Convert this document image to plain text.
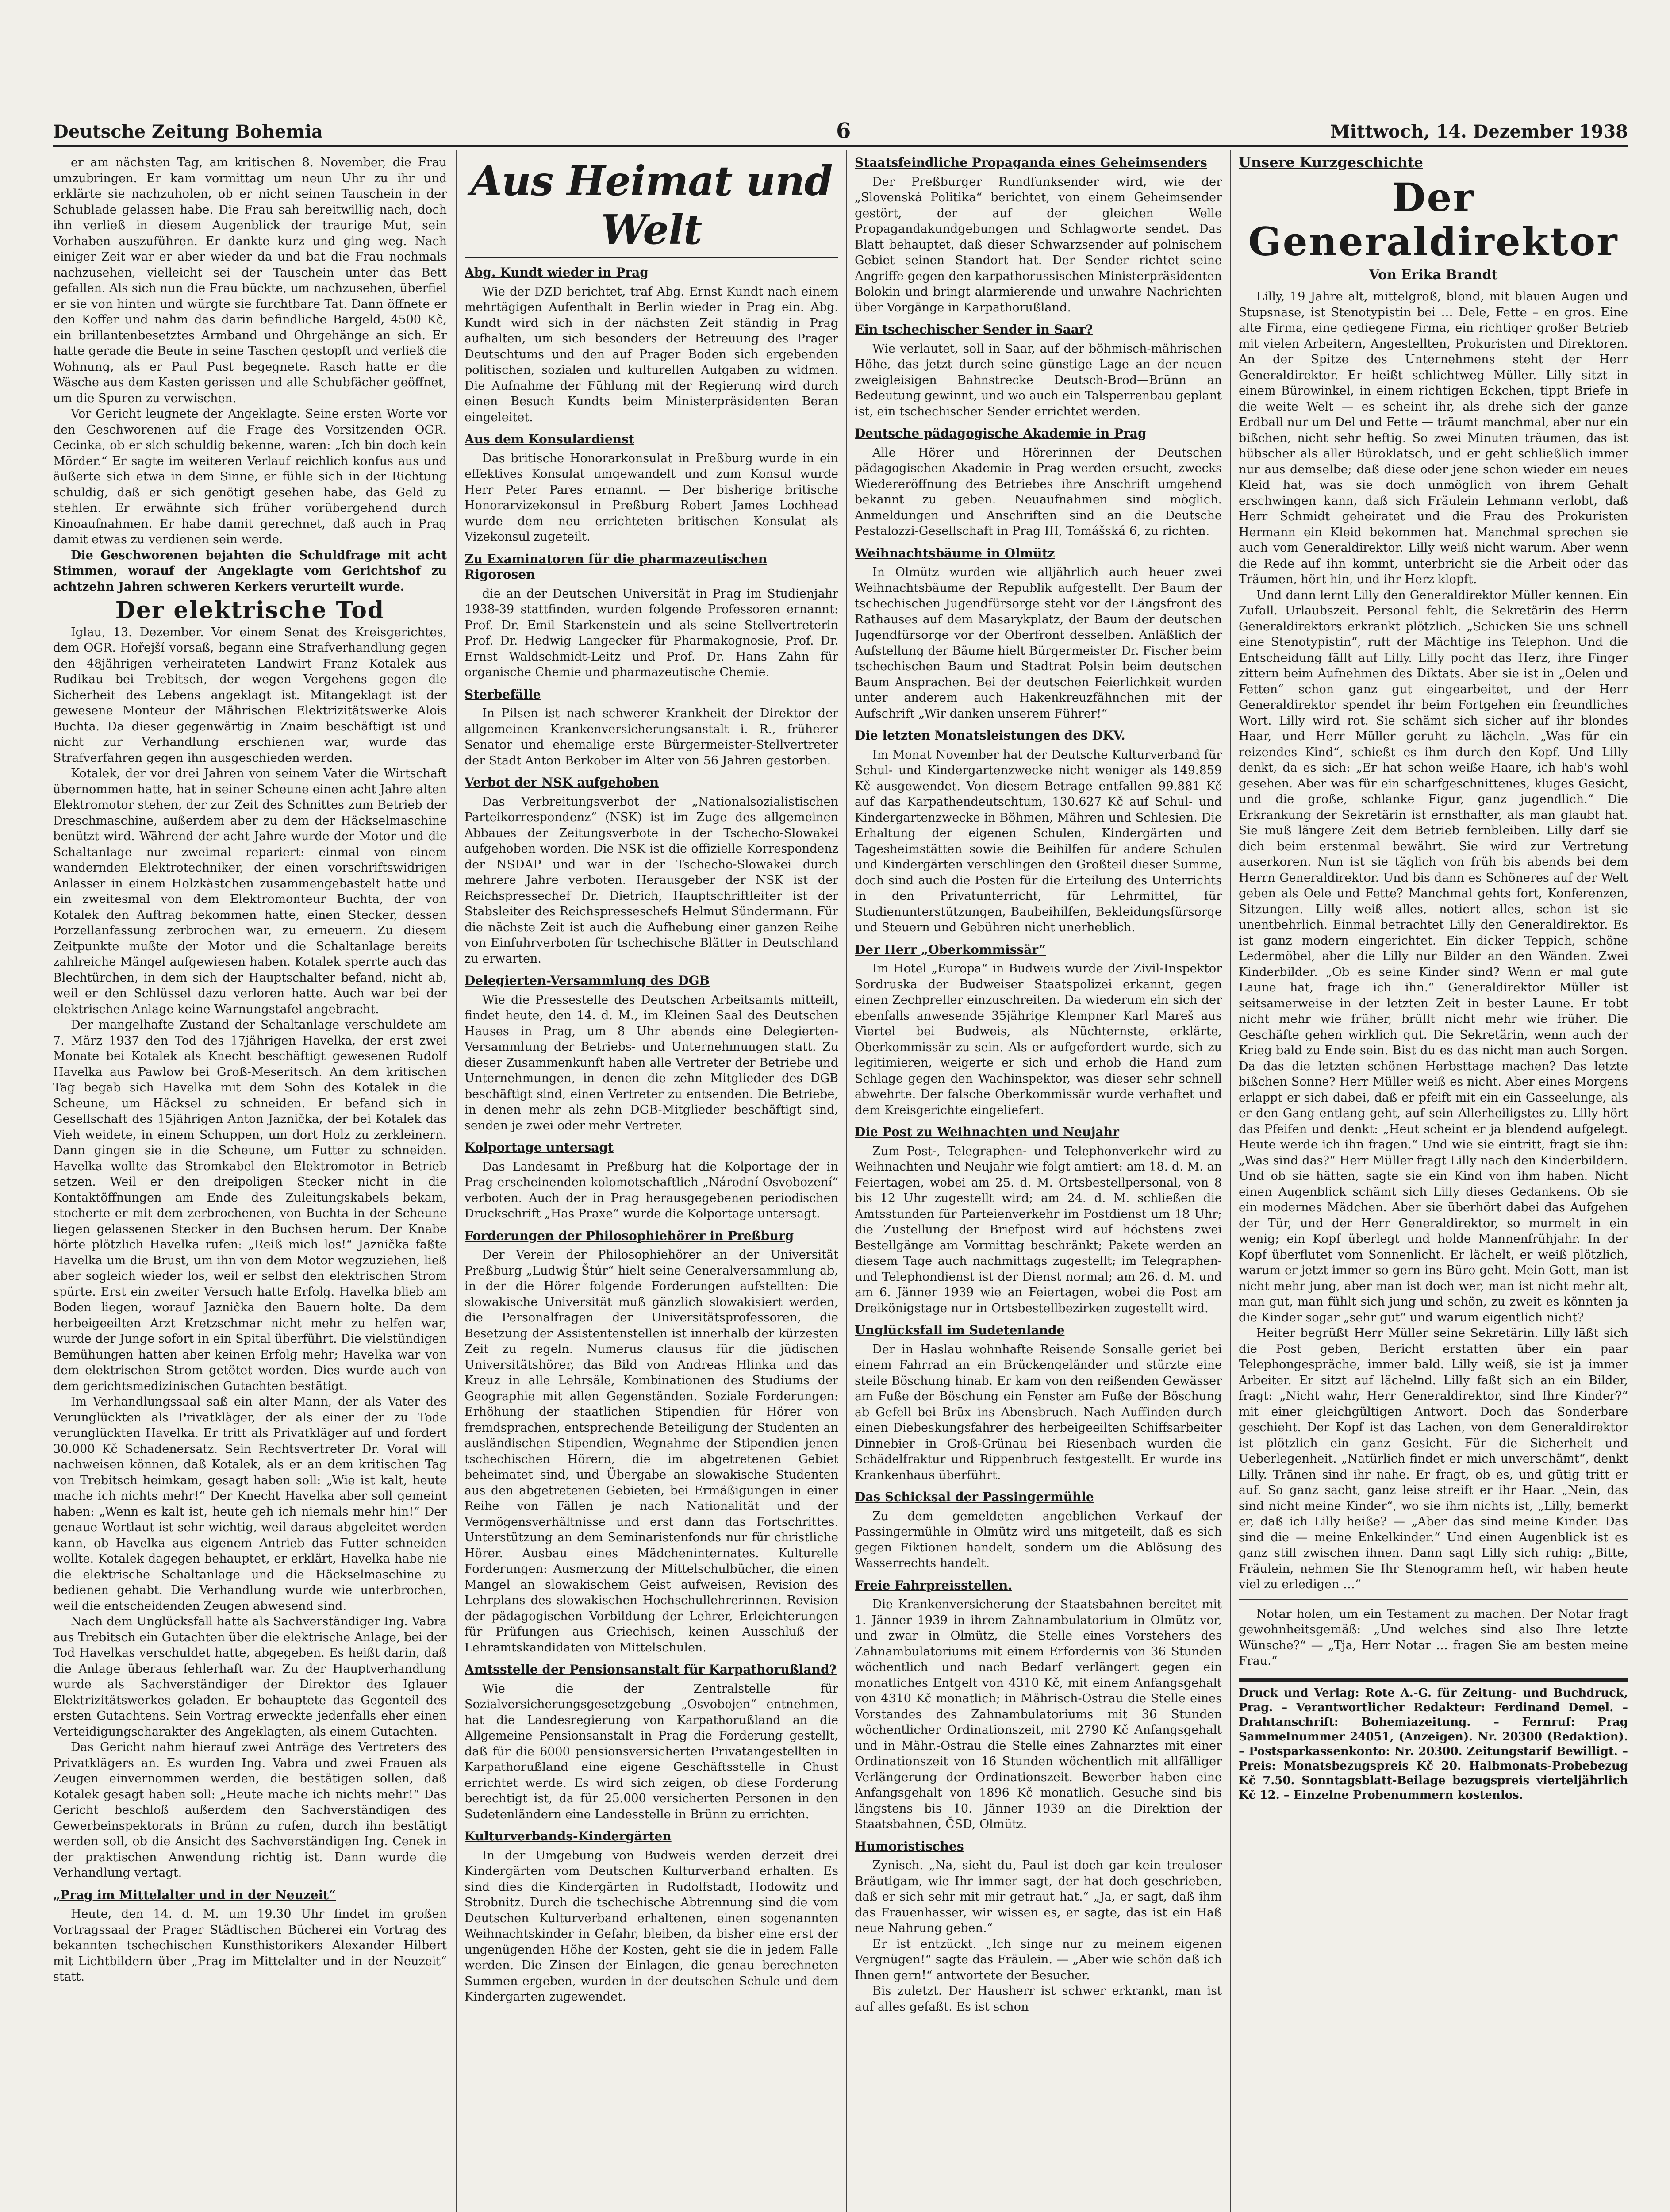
Deutsche Zeitung Bohemia	6	Mittwoch, 14. Dezember 1938

er am nächsten Tag, am kritischen 8. November, die Frau umzubringen. Er kam vormittag um neun Uhr zu ihr und erklärte sie nachzuholen, ob er nicht seinen Tauschein in der Schublade gelassen habe. Die Frau sah bereitwillig nach, doch ihn verließ in diesem Augenblick der traurige Mut, sein Vorhaben auszuführen. Er dankte kurz und ging weg. Nach einiger Zeit war er aber wieder da und bat die Frau nochmals nachzusehen, vielleicht sei der Tauschein unter das Bett gefallen. Als sich nun die Frau bückte, um nachzusehen, überfiel er sie von hinten und würgte sie furchtbare Tat. Dann öffnete er den Koffer und nahm das darin befindliche Bargeld, 4500 Kč, ein brillantenbesetztes Armband und Ohrgehänge an sich. Er hatte gerade die Beute in seine Taschen gestopft und verließ die Wohnung, als er Paul Pust begegnete. Rasch hatte er die Wäsche aus dem Kasten gerissen und alle Schubfächer geöffnet, um die Spuren zu verwischen.

Vor Gericht leugnete der Angeklagte. Seine ersten Worte vor den Geschworenen auf die Frage des Vorsitzenden OGR. Cecinka, ob er sich schuldig bekenne, waren: „Ich bin doch kein Mörder.“ Er sagte im weiteren Verlauf reichlich konfus aus und äußerte sich etwa in dem Sinne, er fühle sich in der Richtung schuldig, daß er sich genötigt gesehen habe, das Geld zu stehlen. Er erwähnte sich früher vorübergehend durch Kinoaufnahmen. Er habe damit gerechnet, daß auch in Prag damit etwas zu verdienen sein werde.

Die Geschworenen bejahten die Schuldfrage mit acht Stimmen, worauf der Angeklagte vom Gerichtshof zu achtzehn Jahren schweren Kerkers verurteilt wurde.

Der elektrische Tod

Iglau, 13. Dezember. Vor einem Senat des Kreisgerichtes, dem OGR. Hořejší vorsaß, begann eine Strafverhandlung gegen den 48jährigen verheirateten Landwirt Franz Kotalek aus Rudikau bei Trebitsch, der wegen Vergehens gegen die Sicherheit des Lebens angeklagt ist. Mitangeklagt ist der gewesene Monteur der Mährischen Elektrizitätswerke Alois Buchta. Da dieser gegenwärtig in Znaim beschäftigt ist und nicht zur Verhandlung erschienen war, wurde das Strafverfahren gegen ihn ausgeschieden werden.

Kotalek, der vor drei Jahren von seinem Vater die Wirtschaft übernommen hatte, hat in seiner Scheune einen acht Jahre alten Elektromotor stehen, der zur Zeit des Schnittes zum Betrieb der Dreschmaschine, außerdem aber zu dem der Häckselmaschine benützt wird. Während der acht Jahre wurde der Motor und die Schaltanlage nur zweimal repariert: einmal von einem wandernden Elektrotechniker, der einen vorschriftswidrigen Anlasser in einem Holzkästchen zusammengebastelt hatte und ein zweitesmal von dem Elektromonteur Buchta, der von Kotalek den Auftrag bekommen hatte, einen Stecker, dessen Porzellanfassung zerbrochen war, zu erneuern. Zu diesem Zeitpunkte mußte der Motor und die Schaltanlage bereits zahlreiche Mängel aufgewiesen haben. Kotalek sperrte auch das Blechtürchen, in dem sich der Hauptschalter befand, nicht ab, weil er den Schlüssel dazu verloren hatte. Auch war bei der elektrischen Anlage keine Warnungstafel angebracht.

Der mangelhafte Zustand der Schaltanlage verschuldete am 7. März 1937 den Tod des 17jährigen Havelka, der erst zwei Monate bei Kotalek als Knecht beschäftigt gewesenen Rudolf Havelka aus Pawlow bei Groß-Meseritsch. An dem kritischen Tag begab sich Havelka mit dem Sohn des Kotalek in die Scheune, um Häcksel zu schneiden. Er befand sich in Gesellschaft des 15jährigen Anton Jaznička, der bei Kotalek das Vieh weidete, in einem Schuppen, um dort Holz zu zerkleinern. Dann gingen sie in die Scheune, um Futter zu schneiden. Havelka wollte das Stromkabel den Elektromotor in Betrieb setzen. Weil er den dreipoligen Stecker nicht in die Kontaktöffnungen am Ende des Zuleitungskabels bekam, stocherte er mit dem zerbrochenen, von Buchta in der Scheune liegen gelassenen Stecker in den Buchsen herum. Der Knabe hörte plötzlich Havelka rufen: „Reiß mich los!“ Jaznička faßte Havelka um die Brust, um ihn von dem Motor wegzuziehen, ließ aber sogleich wieder los, weil er selbst den elektrischen Strom spürte. Erst ein zweiter Versuch hatte Erfolg. Havelka blieb am Boden liegen, worauf Jaznička den Bauern holte. Da dem herbeigeeilten Arzt Kretzschmar nicht mehr zu helfen war, wurde der Junge sofort in ein Spital überführt. Die vielstündigen Bemühungen hatten aber keinen Erfolg mehr; Havelka war von dem elektrischen Strom getötet worden. Dies wurde auch von dem gerichtsmedizinischen Gutachten bestätigt.

Im Verhandlungssaal saß ein alter Mann, der als Vater des Verunglückten als Privatkläger, der als einer der zu Tode verunglückten Havelka. Er tritt als Privatkläger auf und fordert 30.000 Kč Schadenersatz. Sein Rechtsvertreter Dr. Voral will nachweisen können, daß Kotalek, als er an dem kritischen Tag von Trebitsch heimkam, gesagt haben soll: „Wie ist kalt, heute mache ich nichts mehr!“ Der Knecht Havelka aber soll gemeint haben: „Wenn es kalt ist, heute geh ich niemals mehr hin!“ Der genaue Wortlaut ist sehr wichtig, weil daraus abgeleitet werden kann, ob Havelka aus eigenem Antrieb das Futter schneiden wollte. Kotalek dagegen behauptet, er erklärt, Havelka habe nie die elektrische Schaltanlage und die Häckselmaschine zu bedienen gehabt. Die Verhandlung wurde wie unterbrochen, weil die entscheidenden Zeugen abwesend sind.

Nach dem Unglücksfall hatte als Sachverständiger Ing. Vabra aus Trebitsch ein Gutachten über die elektrische Anlage, bei der Tod Havelkas verschuldet hatte, abgegeben. Es heißt darin, daß die Anlage überaus fehlerhaft war. Zu der Hauptverhandlung wurde als Sachverständiger der Direktor des Iglauer Elektrizitätswerkes geladen. Er behauptete das Gegenteil des ersten Gutachtens. Sein Vortrag erweckte jedenfalls eher einen Verteidigungscharakter des Angeklagten, als einem Gutachten.

Das Gericht nahm hierauf zwei Anträge des Vertreters des Privatklägers an. Es wurden Ing. Vabra und zwei Frauen als Zeugen einvernommen werden, die bestätigen sollen, daß Kotalek gesagt haben soll: „Heute mache ich nichts mehr!“ Das Gericht beschloß außerdem den Sachverständigen des Gewerbeinspektorats in Brünn zu rufen, durch ihn bestätigt werden soll, ob die Ansicht des Sachverständigen Ing. Cenek in der praktischen Anwendung richtig ist. Dann wurde die Verhandlung vertagt.

„Prag im Mittelalter und in der Neuzeit“

Heute, den 14. d. M. um 19.30 Uhr findet im großen Vortragssaal der Prager Städtischen Bücherei ein Vortrag des bekannten tschechischen Kunsthistorikers Alexander Hilbert mit Lichtbildern über „Prag im Mittelalter und in der Neuzeit“ statt.

Aus Heimat und Welt
Abg. Kundt wieder in Prag

Wie der DZD berichtet, traf Abg. Ernst Kundt nach einem mehrtägigen Aufenthalt in Berlin wieder in Prag ein. Abg. Kundt wird sich in der nächsten Zeit ständig in Prag aufhalten, um sich besonders der Betreuung des Prager Deutschtums und den auf Prager Boden sich ergebenden politischen, sozialen und kulturellen Aufgaben zu widmen. Die Aufnahme der Fühlung mit der Regierung wird durch einen Besuch Kundts beim Ministerpräsidenten Beran eingeleitet.

Aus dem Konsulardienst

Das britische Honorarkonsulat in Preßburg wurde in ein effektives Konsulat umgewandelt und zum Konsul wurde Herr Peter Pares ernannt. — Der bisherige britische Honorarvizekonsul in Preßburg Robert James Lochhead wurde dem neu errichteten britischen Konsulat als Vizekonsul zugeteilt.

Zu Examinatoren für die pharmazeutischen Rigorosen

die an der Deutschen Universität in Prag im Studienjahr 1938-39 stattfinden, wurden folgende Professoren ernannt: Prof. Dr. Emil Starkenstein und als seine Stellvertreterin Prof. Dr. Hedwig Langecker für Pharmakognosie, Prof. Dr. Ernst Waldschmidt-Leitz und Prof. Dr. Hans Zahn für organische Chemie und pharmazeutische Chemie.

Sterbefälle

In Pilsen ist nach schwerer Krankheit der Direktor der allgemeinen Krankenversicherungsanstalt i. R., früherer Senator und ehemalige erste Bürgermeister-Stellvertreter der Stadt Anton Berkober im Alter von 56 Jahren gestorben.

Verbot der NSK aufgehoben

Das Verbreitungsverbot der „Nationalsozialistischen Parteikorrespondenz“ (NSK) ist im Zuge des allgemeinen Abbaues der Zeitungsverbote in der Tschecho-Slowakei aufgehoben worden. Die NSK ist die offizielle Korrespondenz der NSDAP und war in der Tschecho-Slowakei durch mehrere Jahre verboten. Herausgeber der NSK ist der Reichspressechef Dr. Dietrich, Hauptschriftleiter ist der Stabsleiter des Reichspresseschefs Helmut Sündermann. Für die nächste Zeit ist auch die Aufhebung einer ganzen Reihe von Einfuhrverboten für tschechische Blätter in Deutschland zu erwarten.

Delegierten-Versammlung des DGB

Wie die Pressestelle des Deutschen Arbeitsamts mitteilt, findet heute, den 14. d. M., im Kleinen Saal des Deutschen Hauses in Prag, um 8 Uhr abends eine Delegierten-Versammlung der Betriebs- und Unternehmungen statt. Zu dieser Zusammenkunft haben alle Vertreter der Betriebe und Unternehmungen, in denen die zehn Mitglieder des DGB beschäftigt sind, einen Vertreter zu entsenden. Die Betriebe, in denen mehr als zehn DGB-Mitglieder beschäftigt sind, senden je zwei oder mehr Vertreter.

Kolportage untersagt

Das Landesamt in Preßburg hat die Kolportage der in Prag erscheinenden kolomotschaftlich „Národní Osvobození“ verboten. Auch der in Prag herausgegebenen periodischen Druckschrift „Has Praxe“ wurde die Kolportage untersagt.

Forderungen der Philosophiehörer in Preßburg

Der Verein der Philosophiehörer an der Universität Preßburg „Ludwig Štúr“ hielt seine Generalversammlung ab, in der die Hörer folgende Forderungen aufstellten: Die slowakische Universität muß gänzlich slowakisiert werden, die Personalfragen der Universitätsprofessoren, die Besetzung der Assistentenstellen ist innerhalb der kürzesten Zeit zu regeln. Numerus clausus für die jüdischen Universitätshörer, das Bild von Andreas Hlinka und das Kreuz in alle Lehrsäle, Kombinationen des Studiums der Geographie mit allen Gegenständen. Soziale Forderungen: Erhöhung der staatlichen Stipendien für Hörer von fremdsprachen, entsprechende Beteiligung der Studenten an ausländischen Stipendien, Wegnahme der Stipendien jenen tschechischen Hörern, die im abgetretenen Gebiet beheimatet sind, und Übergabe an slowakische Studenten aus den abgetretenen Gebieten, bei Ermäßigungen in einer Reihe von Fällen je nach Nationalität und der Vermögensverhältnisse und erst dann das Fortschrittes. Unterstützung an dem Seminaristenfonds nur für christliche Hörer. Ausbau eines Mädcheninternates. Kulturelle Forderungen: Ausmerzung der Mittelschulbücher, die einen Mangel an slowakischem Geist aufweisen, Revision des Lehrplans des slowakischen Hochschullehrerinnen. Revision der pädagogischen Vorbildung der Lehrer, Erleichterungen für Prüfungen aus Griechisch, keinen Ausschluß der Lehramtskandidaten von Mittelschulen.

Amtsstelle der Pensionsanstalt für Karpathorußland?

Wie die der Zentralstelle für Sozialversicherungsgesetzgebung „Osvobojen“ entnehmen, hat die Landesregierung von Karpathorußland an die Allgemeine Pensionsanstalt in Prag die Forderung gestellt, daß für die 6000 pensionsversicherten Privatangestellten in Karpathorußland eine eigene Geschäftsstelle in Chust errichtet werde. Es wird sich zeigen, ob diese Forderung berechtigt ist, da für 25.000 versicherten Personen in den Sudetenländern eine Landesstelle in Brünn zu errichten.

Kulturverbands-Kindergärten

In der Umgebung von Budweis werden derzeit drei Kindergärten vom Deutschen Kulturverband erhalten. Es sind dies die Kindergärten in Rudolfstadt, Hodowitz und Strobnitz. Durch die tschechische Abtrennung sind die vom Deutschen Kulturverband erhaltenen, einen sogenannten Weihnachtskinder in Gefahr, bleiben, da bisher eine erst der ungenügenden Höhe der Kosten, geht sie die in jedem Falle werden. Die Zinsen der Einlagen, die genau berechneten Summen ergeben, wurden in der deutschen Schule und dem Kindergarten zugewendet.

Staatsfeindliche Propaganda eines Geheimsenders

Der Preßburger Rundfunksender wird, wie der „Slovenská Politika“ berichtet, von einem Geheimsender gestört, der auf der gleichen Welle Propagandakundgebungen und Schlagworte sendet. Das Blatt behauptet, daß dieser Schwarzsender auf polnischem Gebiet seinen Standort hat. Der Sender richtet seine Angriffe gegen den karpathorussischen Ministerpräsidenten Bolokin und bringt alarmierende und unwahre Nachrichten über Vorgänge in Karpathorußland.

Ein tschechischer Sender in Saar?

Wie verlautet, soll in Saar, auf der böhmisch-mährischen Höhe, das jetzt durch seine günstige Lage an der neuen zweigleisigen Bahnstrecke Deutsch-Brod—Brünn an Bedeutung gewinnt, und wo auch ein Talsperrenbau geplant ist, ein tschechischer Sender errichtet werden.

Deutsche pädagogische Akademie in Prag

Alle Hörer und Hörerinnen der Deutschen pädagogischen Akademie in Prag werden ersucht, zwecks Wiedereröffnung des Betriebes ihre Anschrift umgehend bekannt zu geben. Neuaufnahmen sind möglich. Anmeldungen und Anschriften sind an die Deutsche Pestalozzi-Gesellschaft in Prag III, Tomášská 6, zu richten.

Weihnachtsbäume in Olmütz

In Olmütz wurden wie alljährlich auch heuer zwei Weihnachtsbäume der Republik aufgestellt. Der Baum der tschechischen Jugendfürsorge steht vor der Längsfront des Rathauses auf dem Masarykplatz, der Baum der deutschen Jugendfürsorge vor der Oberfront desselben. Anläßlich der Aufstellung der Bäume hielt Bürgermeister Dr. Fischer beim tschechischen Baum und Stadtrat Polsin beim deutschen Baum Ansprachen. Bei der deutschen Feierlichkeit wurden unter anderem auch Hakenkreuzfähnchen mit der Aufschrift „Wir danken unserem Führer!“

Die letzten Monatsleistungen des DKV.

Im Monat November hat der Deutsche Kulturverband für Schul- und Kindergartenzwecke nicht weniger als 149.859 Kč ausgewendet. Von diesem Betrage entfallen 99.881 Kč auf das Karpathendeutschtum, 130.627 Kč auf Schul- und Kindergartenzwecke in Böhmen, Mähren und Schlesien. Die Erhaltung der eigenen Schulen, Kindergärten und Tagesheimstätten sowie die Beihilfen für andere Schulen und Kindergärten verschlingen den Großteil dieser Summe, doch sind auch die Posten für die Erteilung des Unterrichts in den Privatunterricht, für Lehrmittel, für Studienunterstützungen, Baubeihilfen, Bekleidungsfürsorge und Steuern und Gebühren nicht unerheblich.

Der Herr „Oberkommissär“

Im Hotel „Europa“ in Budweis wurde der Zivil-Inspektor Sordruska der Budweiser Staatspolizei erkannt, gegen einen Zechpreller einzuschreiten. Da wiederum ein sich der ebenfalls anwesende 35jährige Klempner Karl Mareš aus Viertel bei Budweis, als Nüchternste, erklärte, Oberkommissär zu sein. Als er aufgefordert wurde, sich zu legitimieren, weigerte er sich und erhob die Hand zum Schlage gegen den Wachinspektor, was dieser sehr schnell abwehrte. Der falsche Oberkommissär wurde verhaftet und dem Kreisgerichte eingeliefert.

Die Post zu Weihnachten und Neujahr

Zum Post-, Telegraphen- und Telephonverkehr wird zu Weihnachten und Neujahr wie folgt amtiert: am 18. d. M. an Feiertagen, wobei am 25. d. M. Ortsbestellpersonal, von 8 bis 12 Uhr zugestellt wird; am 24. d. M. schließen die Amtsstunden für Parteienverkehr im Postdienst um 18 Uhr; die Zustellung der Briefpost wird auf höchstens zwei Bestellgänge am Vormittag beschränkt; Pakete werden an diesem Tage auch nachmittags zugestellt; im Telegraphen- und Telephondienst ist der Dienst normal; am 26. d. M. und am 6. Jänner 1939 wie an Feiertagen, wobei die Post am Dreikönigstage nur in Ortsbestellbezirken zugestellt wird.

Unglücksfall im Sudetenlande

Der in Haslau wohnhafte Reisende Sonsalle geriet bei einem Fahrrad an ein Brückengeländer und stürzte eine steile Böschung hinab. Er kam von den reißenden Gewässer am Fuße der Böschung ein Fenster am Fuße der Böschung ab Gefell bei Brüx ins Abensbruch. Nach Auffinden durch einen Diebeskungsfahrer des herbeigeeilten Schiffsarbeiter Dinnebier in Groß-Grünau bei Riesenbach wurden die Schädelfraktur und Rippenbruch festgestellt. Er wurde ins Krankenhaus überführt.

Das Schicksal der Passingermühle

Zu dem gemeldeten angeblichen Verkauf der Passingermühle in Olmütz wird uns mitgeteilt, daß es sich gegen Fiktionen handelt, sondern um die Ablösung des Wasserrechts handelt.

Freie Fahrpreisstellen.

Die Krankenversicherung der Staatsbahnen bereitet mit 1. Jänner 1939 in ihrem Zahnambulatorium in Olmütz vor, und zwar in Olmütz, die Stelle eines Vorstehers des Zahnambulatoriums mit einem Erfordernis von 36 Stunden wöchentlich und nach Bedarf verlängert gegen ein monatliches Entgelt von 4310 Kč, mit einem Anfangsgehalt von 4310 Kč monatlich; in Mährisch-Ostrau die Stelle eines Vorstandes des Zahnambulatoriums mit 36 Stunden wöchentlicher Ordinationszeit, mit 2790 Kč Anfangsgehalt und in Mähr.-Ostrau die Stelle eines Zahnarztes mit einer Ordinationszeit von 16 Stunden wöchentlich mit allfälliger Verlängerung der Ordinationszeit. Bewerber haben eine Anfangsgehalt von 1896 Kč monatlich. Gesuche sind bis längstens bis 10. Jänner 1939 an die Direktion der Staatsbahnen, ČSD, Olmütz.

Humoristisches

Zynisch. „Na, sieht du, Paul ist doch gar kein treuloser Bräutigam, wie Ihr immer sagt, der hat doch geschrieben, daß er sich sehr mit mir getraut hat.“ „Ja, er sagt, daß ihm das Frauenhasser, wir wissen es, er sagte, das ist ein Haß neue Nahrung geben.“

Er ist entzückt. „Ich singe nur zu meinem eigenen Vergnügen!“ sagte das Fräulein. — „Aber wie schön daß ich Ihnen gern!“ antwortete der Besucher.

Bis zuletzt. Der Hausherr ist schwer erkrankt, man ist auf alles gefaßt. Es ist schon

Unsere Kurzgeschichte
Der Generaldirektor
Von Erika Brandt

Lilly, 19 Jahre alt, mittelgroß, blond, mit blauen Augen und Stupsnase, ist Stenotypistin bei … Dele, Fette – en gros. Eine alte Firma, eine gediegene Firma, ein richtiger großer Betrieb mit vielen Arbeitern, Angestellten, Prokuristen und Direktoren. An der Spitze des Unternehmens steht der Herr Generaldirektor. Er heißt schlichtweg Müller. Lilly sitzt in einem Bürowinkel, in einem richtigen Eckchen, tippt Briefe in die weite Welt — es scheint ihr, als drehe sich der ganze Erdball nur um Del und Fette — träumt manchmal, aber nur ein bißchen, nicht sehr heftig. So zwei Minuten träumen, das ist hübscher als aller Büroklatsch, und er geht schließlich immer nur aus demselbe; daß diese oder jene schon wieder ein neues Kleid hat, was sie doch unmöglich von ihrem Gehalt erschwingen kann, daß sich Fräulein Lehmann verlobt, daß Herr Schmidt geheiratet und die Frau des Prokuristen Hermann ein Kleid bekommen hat. Manchmal sprechen sie auch vom Generaldirektor. Lilly weiß nicht warum. Aber wenn die Rede auf ihn kommt, unterbricht sie die Arbeit oder das Träumen, hört hin, und ihr Herz klopft.

Und dann lernt Lilly den Generaldirektor Müller kennen. Ein Zufall. Urlaubszeit. Personal fehlt, die Sekretärin des Herrn Generaldirektors erkrankt plötzlich. „Schicken Sie uns schnell eine Stenotypistin“, ruft der Mächtige ins Telephon. Und die Entscheidung fällt auf Lilly. Lilly pocht das Herz, ihre Finger zittern beim Aufnehmen des Diktats. Aber sie ist in „Oelen und Fetten“ schon ganz gut eingearbeitet, und der Herr Generaldirektor spendet ihr beim Fortgehen ein freundliches Wort. Lilly wird rot. Sie schämt sich sicher auf ihr blondes Haar, und Herr Müller geruht zu lächeln. „Was für ein reizendes Kind“, schießt es ihm durch den Kopf. Und Lilly denkt, da es sich: „Er hat schon weiße Haare, ich hab's wohl gesehen. Aber was für ein scharfgeschnittenes, kluges Gesicht, und die große, schlanke Figur, ganz jugendlich.“ Die Erkrankung der Sekretärin ist ernsthafter, als man glaubt hat. Sie muß längere Zeit dem Betrieb fernbleiben. Lilly darf sie dich beim erstenmal bewährt. Sie wird zur Vertretung auserkoren. Nun ist sie täglich von früh bis abends bei dem Herrn Generaldirektor. Und bis dann es Schöneres auf der Welt geben als Oele und Fette? Manchmal gehts fort, Konferenzen, Sitzungen. Lilly weiß alles, notiert alles, schon ist sie unentbehrlich. Einmal betrachtet Lilly den Generaldirektor. Es ist ganz modern eingerichtet. Ein dicker Teppich, schöne Ledermöbel, aber die Lilly nur Bilder an den Wänden. Zwei Kinderbilder. „Ob es seine Kinder sind? Wenn er mal gute Laune hat, frage ich ihn.“ Generaldirektor Müller ist seitsamerweise in der letzten Zeit in bester Laune. Er tobt nicht mehr wie früher, brüllt nicht mehr wie früher. Die Geschäfte gehen wirklich gut. Die Sekretärin, wenn auch der Krieg bald zu Ende sein. Bist du es das nicht man auch Sorgen. Da das die letzten schönen Herbsttage machen? Das letzte bißchen Sonne? Herr Müller weiß es nicht. Aber eines Morgens erlappt er sich dabei, daß er pfeift mit ein ein Gasseelunge, als er den Gang entlang geht, auf sein Allerheiligstes zu. Lilly hört das Pfeifen und denkt: „Heut scheint er ja blendend aufgelegt. Heute werde ich ihn fragen.“ Und wie sie eintritt, fragt sie ihn: „Was sind das?“ Herr Müller fragt Lilly nach den Kinderbildern. Und ob sie hätten, sagte sie ein Kind von ihm haben. Nicht einen Augenblick schämt sich Lilly dieses Gedankens. Ob sie ein modernes Mädchen. Aber sie überhört dabei das Aufgehen der Tür, und der Herr Generaldirektor, so murmelt in ein wenig; ein Kopf überlegt und holde Mannenfrühjahr. In der Kopf überflutet vom Sonnenlicht. Er lächelt, er weiß plötzlich, warum er jetzt immer so gern ins Büro geht. Mein Gott, man ist nicht mehr jung, aber man ist doch wer, man ist nicht mehr alt, man gut, man fühlt sich jung und schön, zu zweit es könnten ja die Kinder sogar „sehr gut“ und warum eigentlich nicht?

Heiter begrüßt Herr Müller seine Sekretärin. Lilly läßt sich die Post geben, Bericht erstatten über ein paar Telephongespräche, immer bald. Lilly weiß, sie ist ja immer Arbeiter. Er sitzt auf lächelnd. Lilly faßt sich an ein Bilder, fragt: „Nicht wahr, Herr Generaldirektor, sind Ihre Kinder?“ mit einer gleichgültigen Antwort. Doch das Sonderbare geschieht. Der Kopf ist das Lachen, von dem Generaldirektor ist plötzlich ein ganz Gesicht. Für die Sicherheit und Ueberlegenheit. „Natürlich findet er mich unverschämt“, denkt Lilly. Tränen sind ihr nahe. Er fragt, ob es, und gütig tritt er auf. So ganz sacht, ganz leise streift er ihr Haar. „Nein, das sind nicht meine Kinder“, wo sie ihm nichts ist, „Lilly, bemerkt er, daß ich Lilly heiße? — „Aber das sind meine Kinder. Das sind die — meine Enkelkinder.“ Und einen Augenblick ist es ganz still zwischen ihnen. Dann sagt Lilly sich ruhig: „Bitte, Fräulein, nehmen Sie Ihr Stenogramm heft, wir haben heute viel zu erledigen …“

Notar holen, um ein Testament zu machen. Der Notar fragt gewohnheitsgemäß: „Und welches sind also Ihre letzte Wünsche?“ — „Tja, Herr Notar … fragen Sie am besten meine Frau.“

Druck und Verlag: Rote A.-G. für Zeitung- und Buchdruck, Prag. – Verantwortlicher Redakteur: Ferdinand Demel. – Drahtanschrift: Bohemiazeitung. – Fernruf: Prag Sammelnummer 24051, (Anzeigen). Nr. 20300 (Redaktion). – Postsparkassenkonto: Nr. 20300. Zeitungstarif Bewilligt. – Preis: Monatsbezugspreis Kč 20. Halbmonats-Probebezug Kč 7.50. Sonntagsblatt-Beilage bezugspreis vierteljährlich Kč 12. – Einzelne Probenummern kostenlos.
